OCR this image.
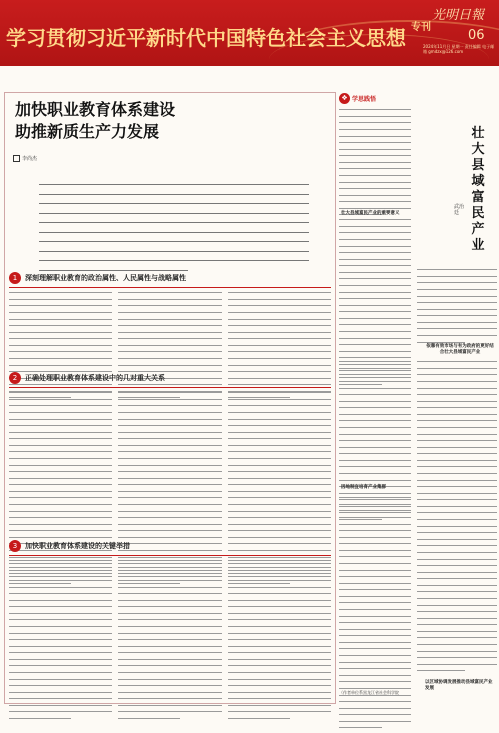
学习贯彻习近平新时代中国特色社会主义思想 专刊
光明日報
06
2024年11月日 星期一 责任编辑 电子邮箱 gmdzx@126.com
加快职业教育体系建设
助推新质生产力发展
李尚杰
1	深刻理解职业教育的政治属性、人民属性与战略属性
2	正确处理职业教育体系建设中的几对重大关系
3	加快职业教育体系建设的关键举措
❖ 学思践悟
壮大县域富民产业
武治廷
壮大县域富民产业的重要意义
依靠有效市场与有为政府的更好结合壮大县域富民产业
因地制宜培育产业集群
以区域协调发展推动县域富民产业发展
（作者单位系黑龙江省社会科学院
